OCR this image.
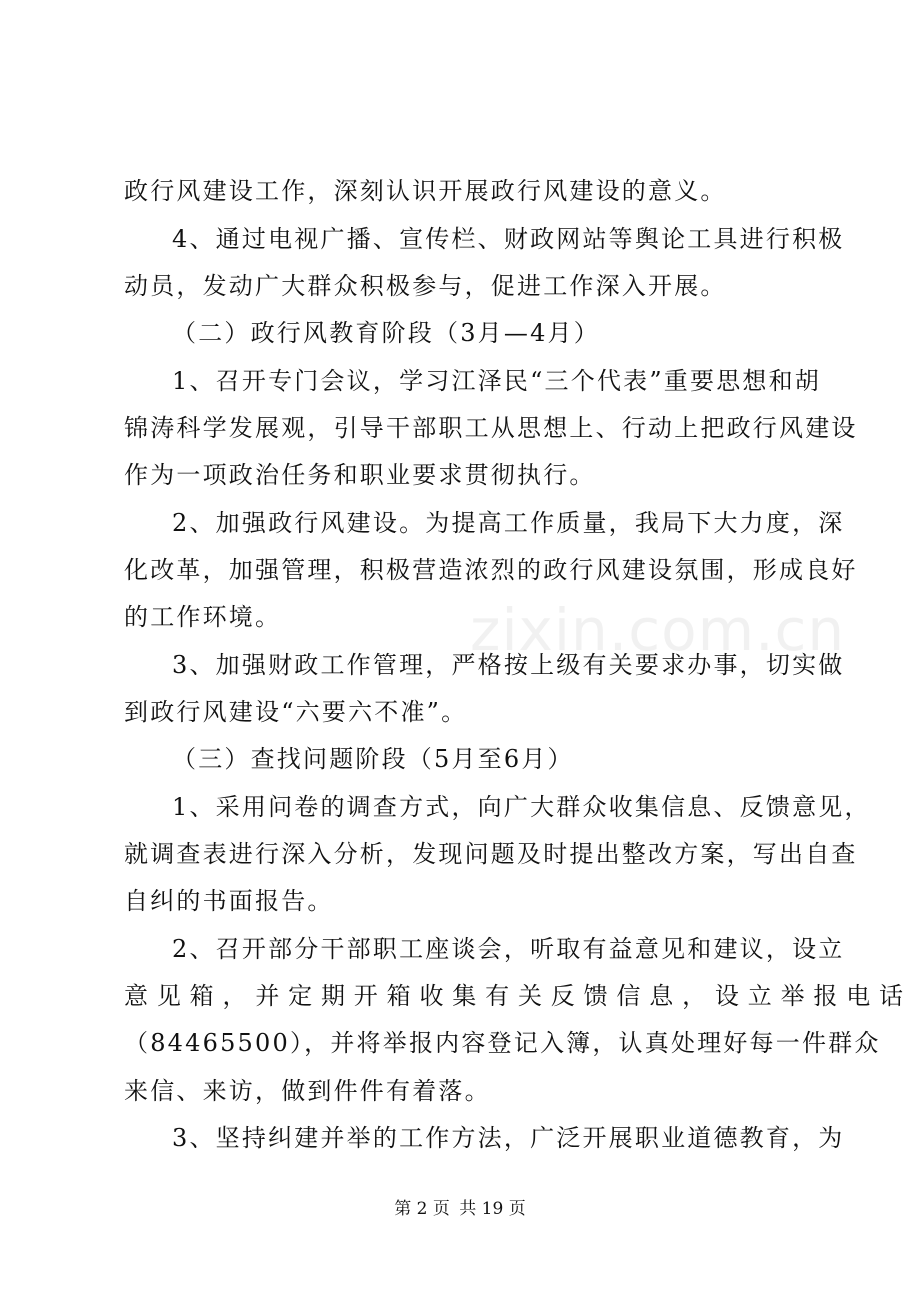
zixin.com.cn
政行风建设工作，深刻认识开展政行风建设的意义。
4、通过电视广播、宣传栏、财政网站等舆论工具进行积极
动员，发动广大群众积极参与，促进工作深入开展。
（二）政行风教育阶段（3月—4月）
1、召开专门会议，学习江泽民“三个代表”重要思想和胡
锦涛科学发展观，引导干部职工从思想上、行动上把政行风建设
作为一项政治任务和职业要求贯彻执行。
2、加强政行风建设。为提高工作质量，我局下大力度，深
化改革，加强管理，积极营造浓烈的政行风建设氛围，形成良好
的工作环境。
3、加强财政工作管理，严格按上级有关要求办事，切实做
到政行风建设“六要六不准”。
（三）查找问题阶段（5月至6月）
1、采用问卷的调查方式，向广大群众收集信息、反馈意见，
就调查表进行深入分析，发现问题及时提出整改方案，写出自查
自纠的书面报告。
2、召开部分干部职工座谈会，听取有益意见和建议，设立
意 见 箱 ， 并 定 期 开 箱 收 集 有 关 反 馈 信 息 ， 设 立 举 报 电 话
（84465500），并将举报内容登记入簿，认真处理好每一件群众
来信、来访，做到件件有着落。
3、坚持纠建并举的工作方法，广泛开展职业道德教育，为
第 2 页 共 19 页
